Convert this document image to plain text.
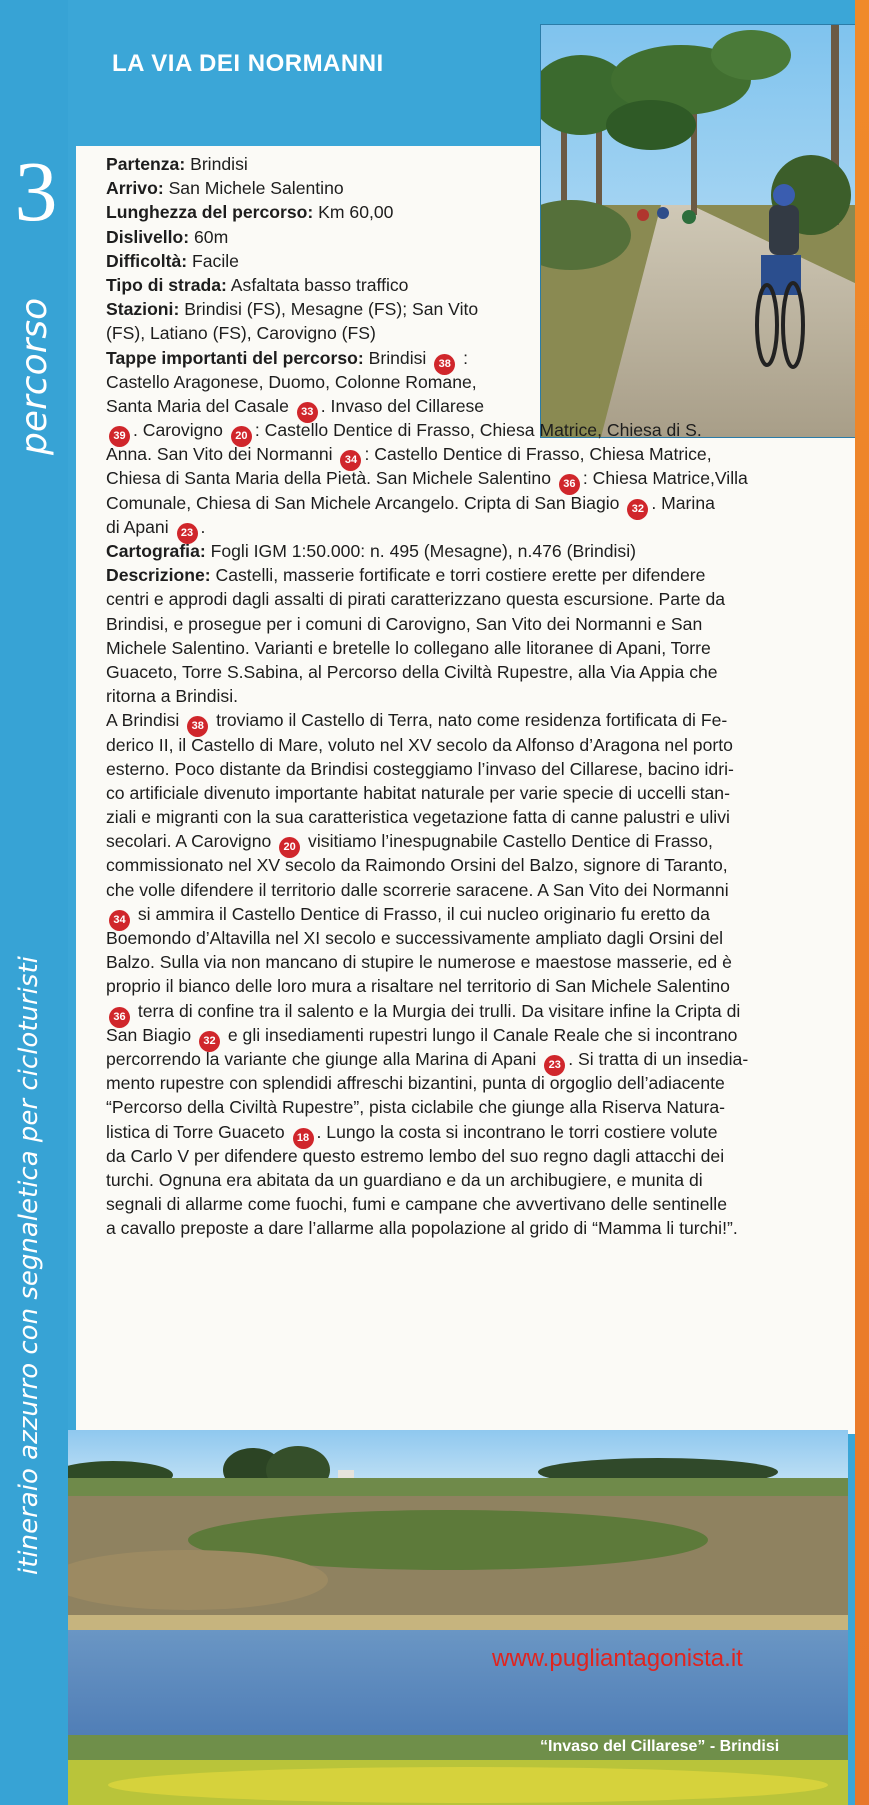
3
percorso
itineraio azzurro con segnaletica per cicloturisti
LA VIA DEI NORMANNI
Partenza: Brindisi
Arrivo: San Michele Salentino
Lunghezza del percorso: Km 60,00
Dislivello: 60m
Difficoltà: Facile
Tipo di strada: Asfaltata basso traffico
Stazioni: Brindisi (FS), Mesagne (FS); San Vito
(FS), Latiano (FS), Carovigno (FS)
Tappe importanti del percorso: Brindisi 38 :
Castello Aragonese, Duomo, Colonne Romane,
Santa Maria del Casale 33 . Invaso del Cillarese
39 . Carovigno 20 : Castello Dentice di Frasso, Chiesa Matrice, Chiesa di S.
Anna. San Vito dei Normanni 34 : Castello Dentice di Frasso, Chiesa Matrice,
Chiesa di Santa Maria della Pietà. San Michele Salentino 36 : Chiesa Matrice,Villa
Comunale, Chiesa di San Michele Arcangelo. Cripta di San Biagio 32 . Marina
di Apani 23 .
Cartografia: Fogli IGM 1:50.000: n. 495 (Mesagne), n.476 (Brindisi)
Descrizione: Castelli, masserie fortificate e torri costiere erette per difendere
centri e approdi dagli assalti di pirati caratterizzano questa escursione. Parte da
Brindisi, e prosegue per i comuni di Carovigno, San Vito dei Normanni e San
Michele Salentino. Varianti e bretelle lo collegano alle litoranee di Apani, Torre
Guaceto, Torre S.Sabina, al Percorso della Civiltà Rupestre, alla Via Appia che
ritorna a Brindisi.
A Brindisi 38 troviamo il Castello di Terra, nato come residenza fortificata di Fe-
derico II, il Castello di Mare, voluto nel XV secolo da Alfonso d’Aragona nel porto
esterno. Poco distante da Brindisi costeggiamo l’invaso del Cillarese, bacino idri-
co artificiale divenuto importante habitat naturale per varie specie di uccelli stan-
ziali e migranti con la sua caratteristica vegetazione fatta di canne palustri e ulivi
secolari. A Carovigno 20 visitiamo l’inespugnabile Castello Dentice di Frasso,
commissionato nel XV secolo da Raimondo Orsini del Balzo, signore di Taranto,
che volle difendere il territorio dalle scorrerie saracene. A San Vito dei Normanni
34 si ammira il Castello Dentice di Frasso, il cui nucleo originario fu eretto da
Boemondo d’Altavilla nel XI secolo e successivamente ampliato dagli Orsini del
Balzo. Sulla via non mancano di stupire le numerose e maestose masserie, ed è
proprio il bianco delle loro mura a risaltare nel territorio di San Michele Salentino
36 terra di confine tra il salento e la Murgia dei trulli. Da visitare infine la Cripta di
San Biagio 32 e gli insediamenti rupestri lungo il Canale Reale che si incontrano
percorrendo la variante che giunge alla Marina di Apani 23 . Si tratta di un insedia-
mento rupestre con splendidi affreschi bizantini, punta di orgoglio dell’adiacente
“Percorso della Civiltà Rupestre”, pista ciclabile che giunge alla Riserva Natura-
listica di Torre Guaceto 18 . Lungo la costa si incontrano le torri costiere volute
da Carlo V per difendere questo estremo lembo del suo regno dagli attacchi dei
turchi. Ognuna era abitata da un guardiano e da un archibugiere, e munita di
segnali di allarme come fuochi, fumi e campane che avvertivano delle sentinelle
a cavallo preposte a dare l’allarme alla popolazione al grido di “Mamma li turchi!”.
www.pugliantagonista.it
“Invaso del Cillarese” - Brindisi
